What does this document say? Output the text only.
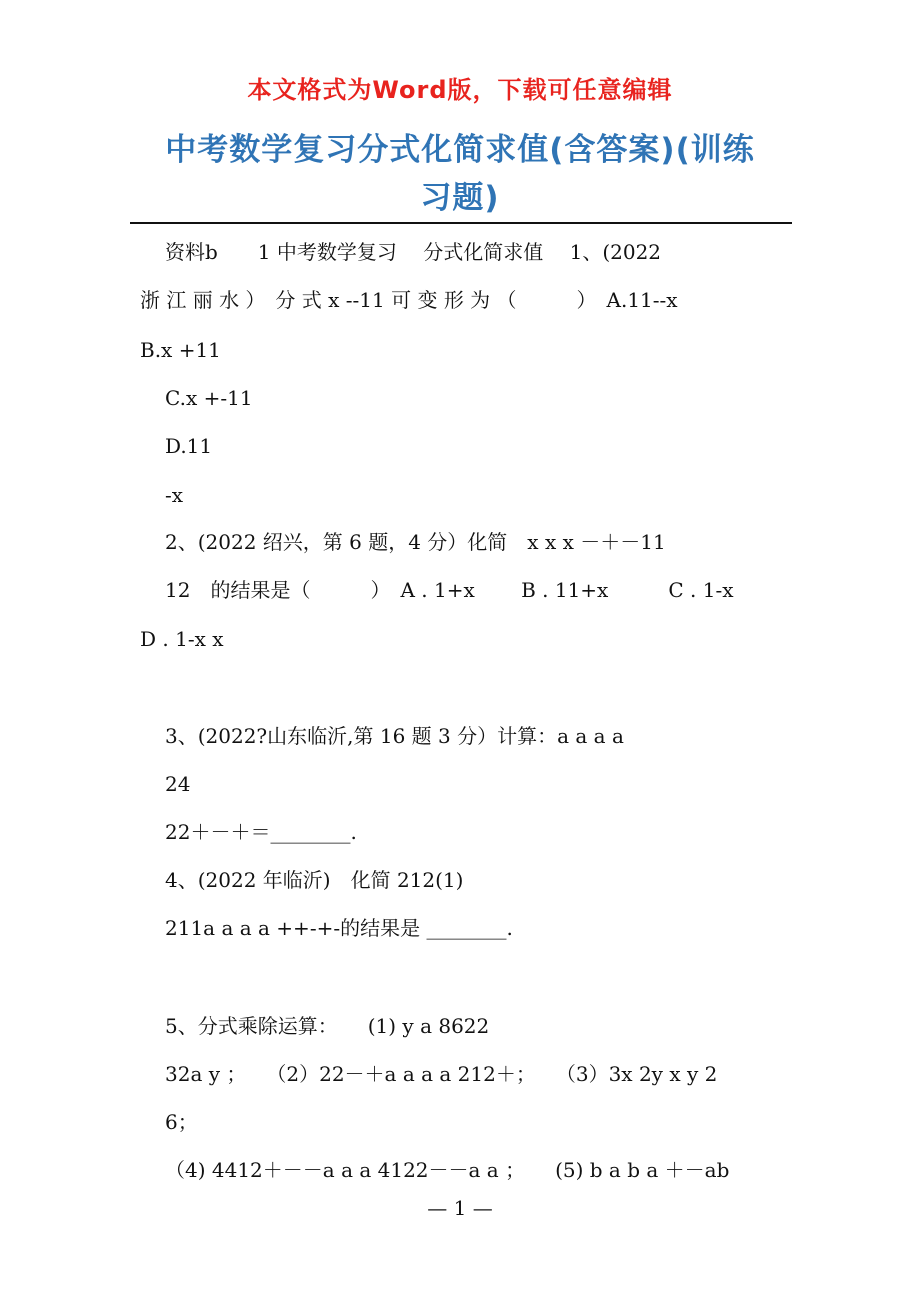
本文格式为Word版，下载可任意编辑
中考数学复习分式化简求值(含答案)(训练
习题)
资料b　　1 中考数学复习　 分式化简求值　 1、(2022
浙 江 丽 水 ）　分 式 x --11 可 变 形 为 （　　　）　A.11--x
B.x +11
C.x +-11
D.11
-x
2、(2022 绍兴，第 6 题，4 分）化简　x x x －＋－11
12　的结果是（　　　）　A . 1+x　　 B . 11+x　　　C . 1-x
D . 1-x x
3、(2022?山东临沂,第 16 题 3 分）计算：a a a a
24
22＋－＋＝________.
4、(2022 年临沂)　化简 212(1)
211a a a a ++-+-的结果是 ________.
5、分式乘除运算：　　(1) y a 8622
32a y ；　　（2）22－＋a a a a 212＋；　　（3）3x 2y x y 2
6；
（4) 4412＋－－a a a 4122－－a a ；　　(5) b a b a ＋－ab
— 1 —
